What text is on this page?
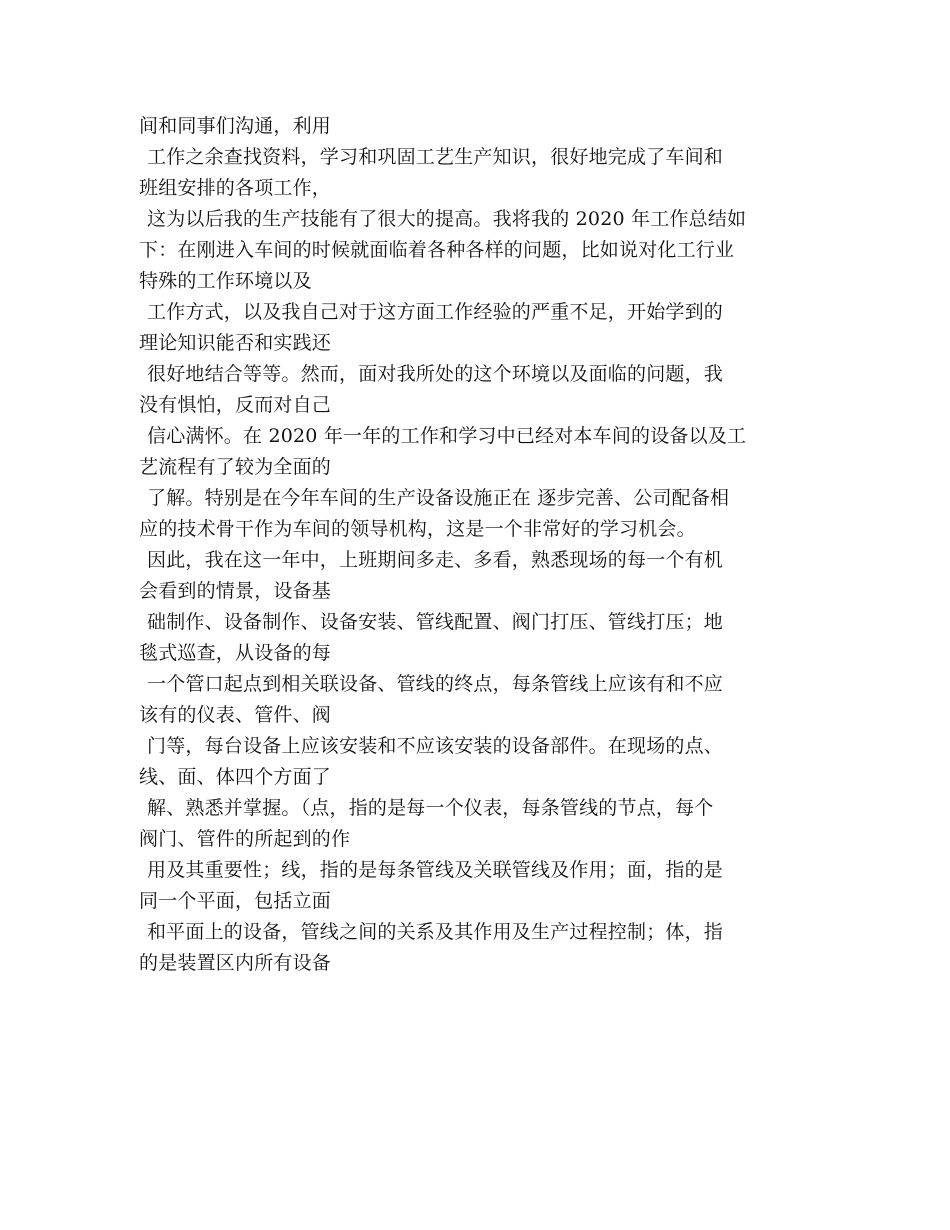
间和同事们沟通，利用
工作之余查找资料，学习和巩固工艺生产知识，很好地完成了车间和
班组安排的各项工作，
这为以后我的生产技能有了很大的提高。我将我的 2020 年工作总结如
下：在刚进入车间的时候就面临着各种各样的问题，比如说对化工行业
特殊的工作环境以及
工作方式，以及我自己对于这方面工作经验的严重不足，开始学到的
理论知识能否和实践还
很好地结合等等。然而，面对我所处的这个环境以及面临的问题，我
没有惧怕，反而对自己
信心满怀。在 2020 年一年的工作和学习中已经对本车间的设备以及工
艺流程有了较为全面的
了解。特别是在今年车间的生产设备设施正在 逐步完善、公司配备相
应的技术骨干作为车间的领导机构，这是一个非常好的学习机会。
因此，我在这一年中，上班期间多走、多看，熟悉现场的每一个有机
会看到的情景，设备基
础制作、设备制作、设备安装、管线配置、阀门打压、管线打压；地
毯式巡查，从设备的每
一个管口起点到相关联设备、管线的终点，每条管线上应该有和不应
该有的仪表、管件、阀
门等，每台设备上应该安装和不应该安装的设备部件。在现场的点、
线、面、体四个方面了
解、熟悉并掌握。（点，指的是每一个仪表，每条管线的节点，每个
阀门、管件的所起到的作
用及其重要性；线，指的是每条管线及关联管线及作用；面，指的是
同一个平面，包括立面
和平面上的设备，管线之间的关系及其作用及生产过程控制；体，指
的是装置区内所有设备
